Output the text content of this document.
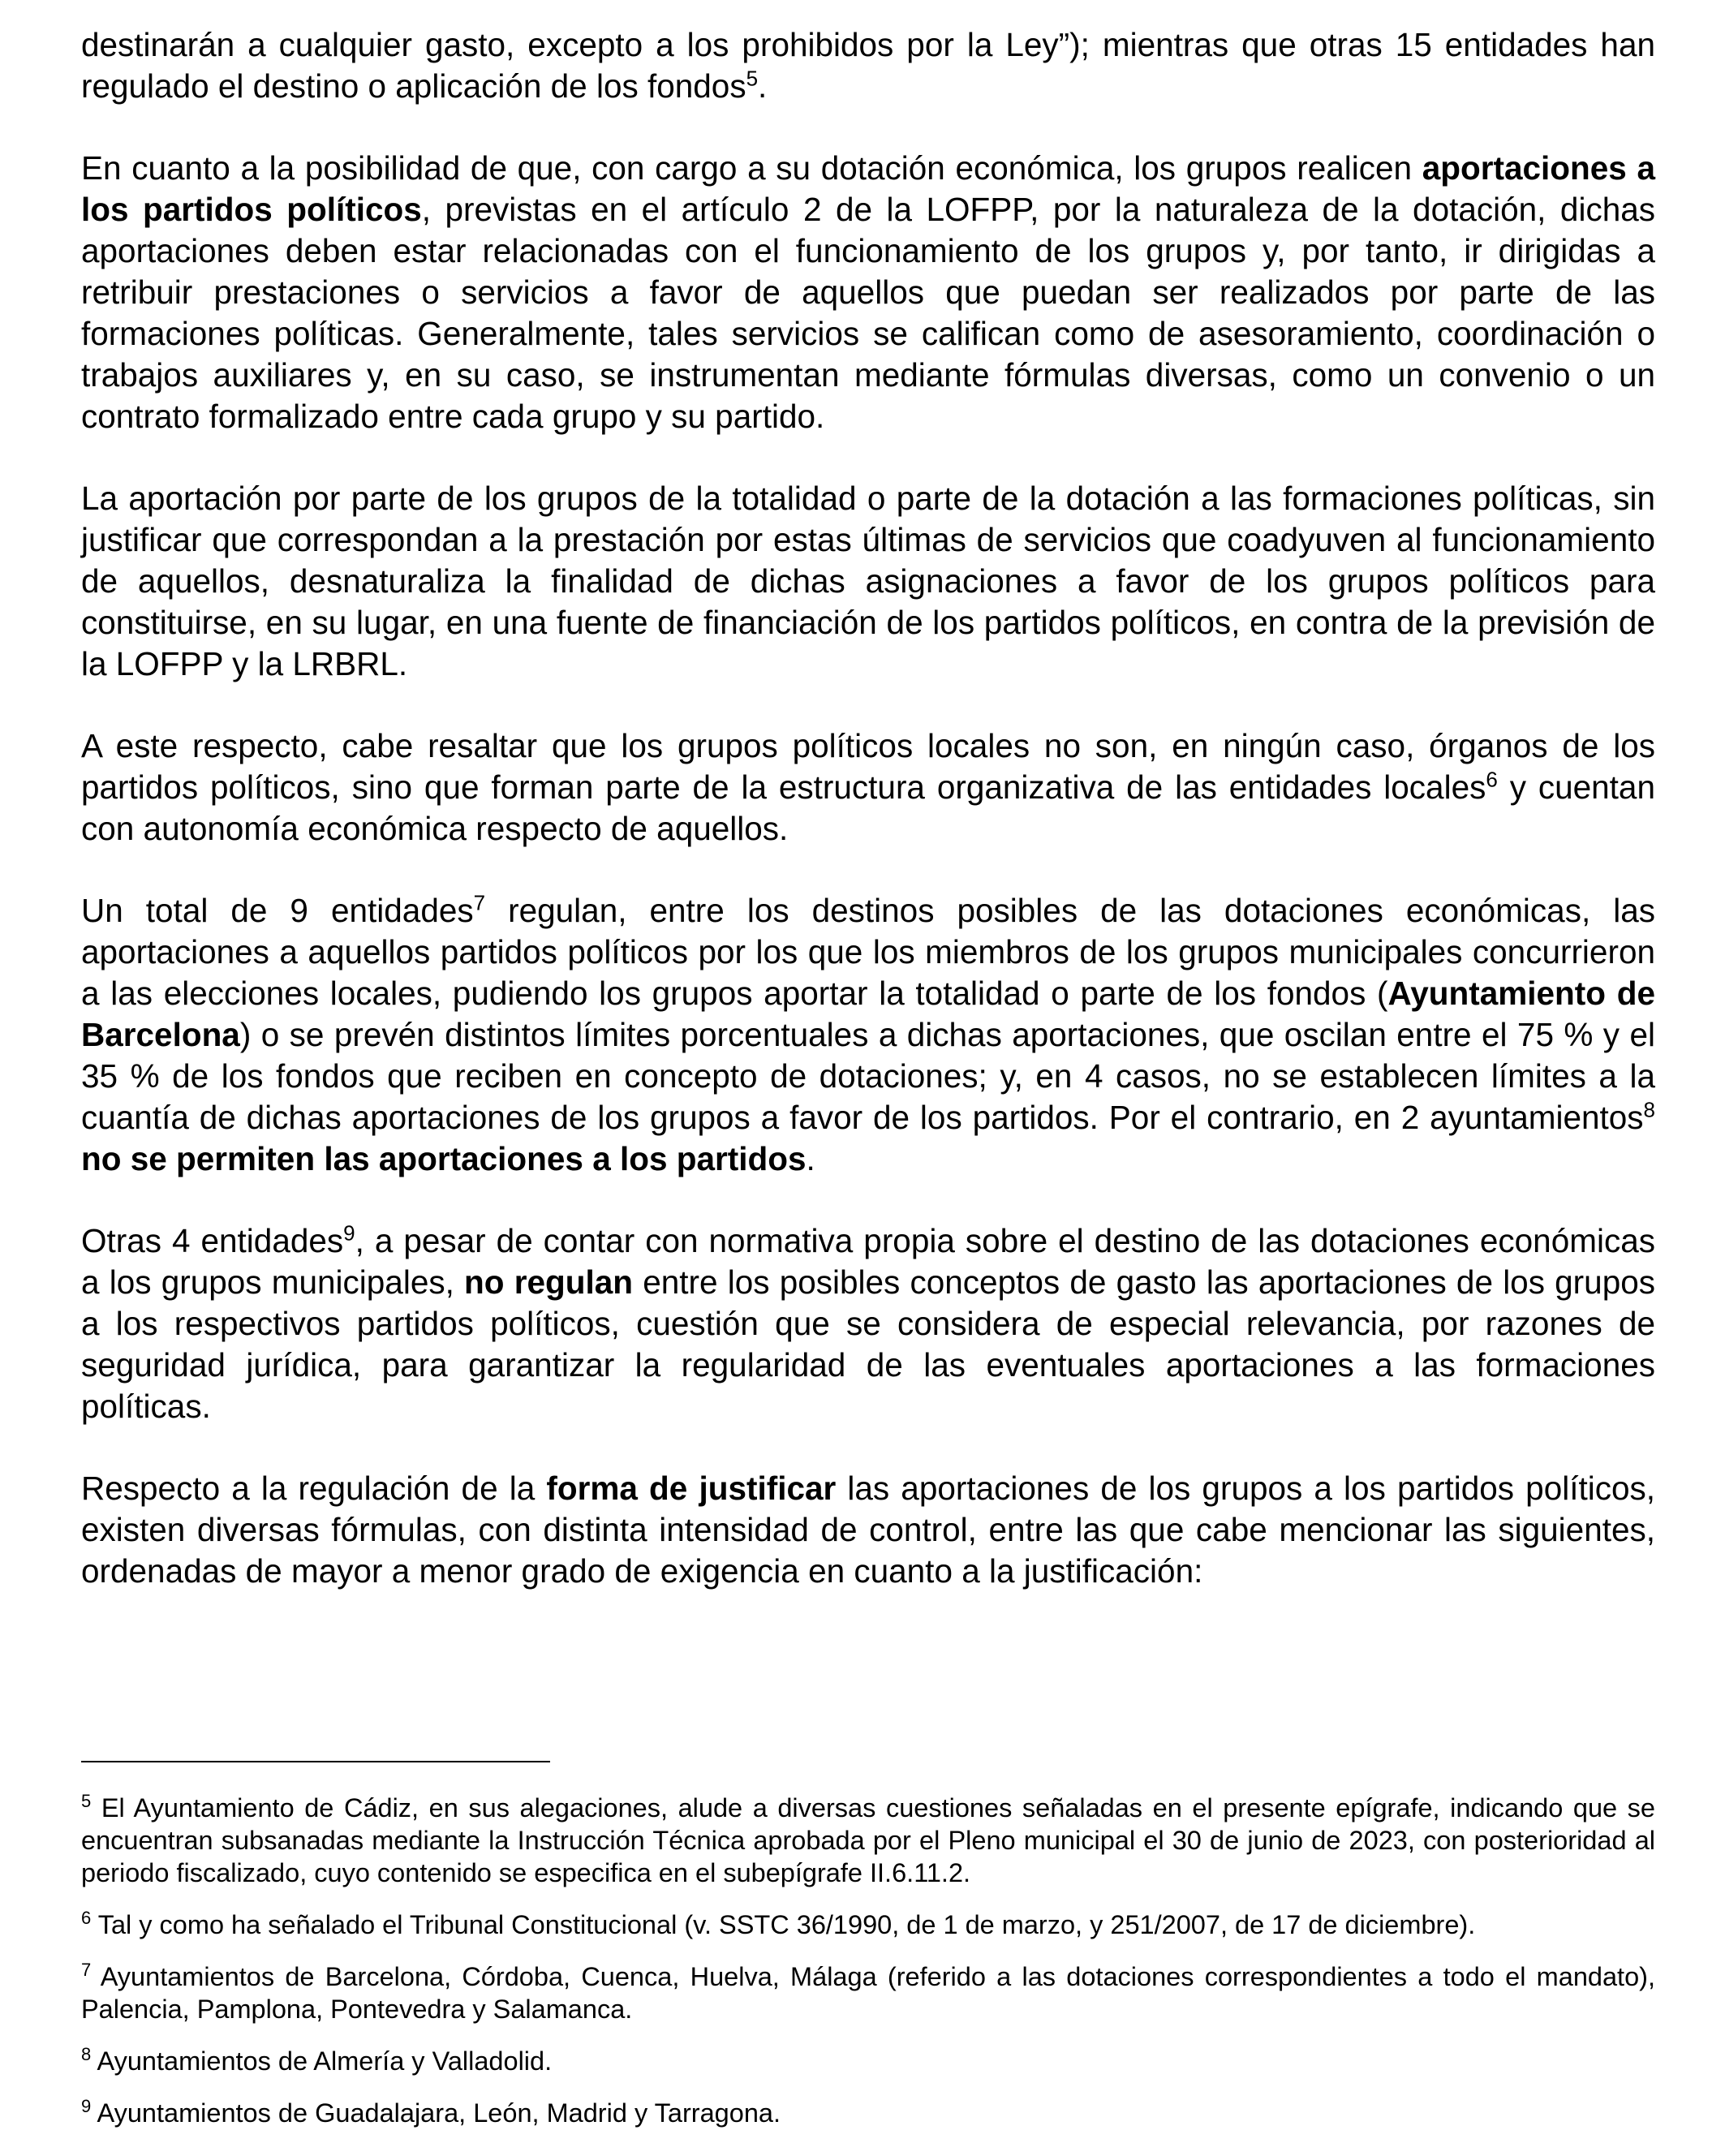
destinarán a cualquier gasto, excepto a los prohibidos por la Ley”); mientras que otras 15 entidades han regulado el destino o aplicación de los fondos$^5$.

En cuanto a la posibilidad de que, con cargo a su dotación económica, los grupos realicen aportaciones a los partidos políticos, previstas en el artículo 2 de la LOFPP, por la naturaleza de la dotación, dichas aportaciones deben estar relacionadas con el funcionamiento de los grupos y, por tanto, ir dirigidas a retribuir prestaciones o servicios a favor de aquellos que puedan ser realizados por parte de las formaciones políticas. Generalmente, tales servicios se califican como de asesoramiento, coordinación o trabajos auxiliares y, en su caso, se instrumentan mediante fórmulas diversas, como un convenio o un contrato formalizado entre cada grupo y su partido.

La aportación por parte de los grupos de la totalidad o parte de la dotación a las formaciones políticas, sin justificar que correspondan a la prestación por estas últimas de servicios que coadyuven al funcionamiento de aquellos, desnaturaliza la finalidad de dichas asignaciones a favor de los grupos políticos para constituirse, en su lugar, en una fuente de financiación de los partidos políticos, en contra de la previsión de la LOFPP y la LRBRL.

A este respecto, cabe resaltar que los grupos políticos locales no son, en ningún caso, órganos de los partidos políticos, sino que forman parte de la estructura organizativa de las entidades locales$^6$ y cuentan con autonomía económica respecto de aquellos.

Un total de 9 entidades$^7$ regulan, entre los destinos posibles de las dotaciones económicas, las aportaciones a aquellos partidos políticos por los que los miembros de los grupos municipales concurrieron a las elecciones locales, pudiendo los grupos aportar la totalidad o parte de los fondos (Ayuntamiento de Barcelona) o se prevén distintos límites porcentuales a dichas aportaciones, que oscilan entre el 75 % y el 35 % de los fondos que reciben en concepto de dotaciones; y, en 4 casos, no se establecen límites a la cuantía de dichas aportaciones de los grupos a favor de los partidos. Por el contrario, en 2 ayuntamientos$^8$ no se permiten las aportaciones a los partidos.

Otras 4 entidades$^9$, a pesar de contar con normativa propia sobre el destino de las dotaciones económicas a los grupos municipales, no regulan entre los posibles conceptos de gasto las aportaciones de los grupos a los respectivos partidos políticos, cuestión que se considera de especial relevancia, por razones de seguridad jurídica, para garantizar la regularidad de las eventuales aportaciones a las formaciones políticas.

Respecto a la regulación de la forma de justificar las aportaciones de los grupos a los partidos políticos, existen diversas fórmulas, con distinta intensidad de control, entre las que cabe mencionar las siguientes, ordenadas de mayor a menor grado de exigencia en cuanto a la justificación:

$^5$ El Ayuntamiento de Cádiz, en sus alegaciones, alude a diversas cuestiones señaladas en el presente epígrafe, indicando que se encuentran subsanadas mediante la Instrucción Técnica aprobada por el Pleno municipal el 30 de junio de 2023, con posterioridad al periodo fiscalizado, cuyo contenido se especifica en el subepígrafe II.6.11.2.

$^6$ Tal y como ha señalado el Tribunal Constitucional (v. SSTC 36/1990, de 1 de marzo, y 251/2007, de 17 de diciembre).

$^7$ Ayuntamientos de Barcelona, Córdoba, Cuenca, Huelva, Málaga (referido a las dotaciones correspondientes a todo el mandato), Palencia, Pamplona, Pontevedra y Salamanca.

$^8$ Ayuntamientos de Almería y Valladolid.

$^9$ Ayuntamientos de Guadalajara, León, Madrid y Tarragona.
